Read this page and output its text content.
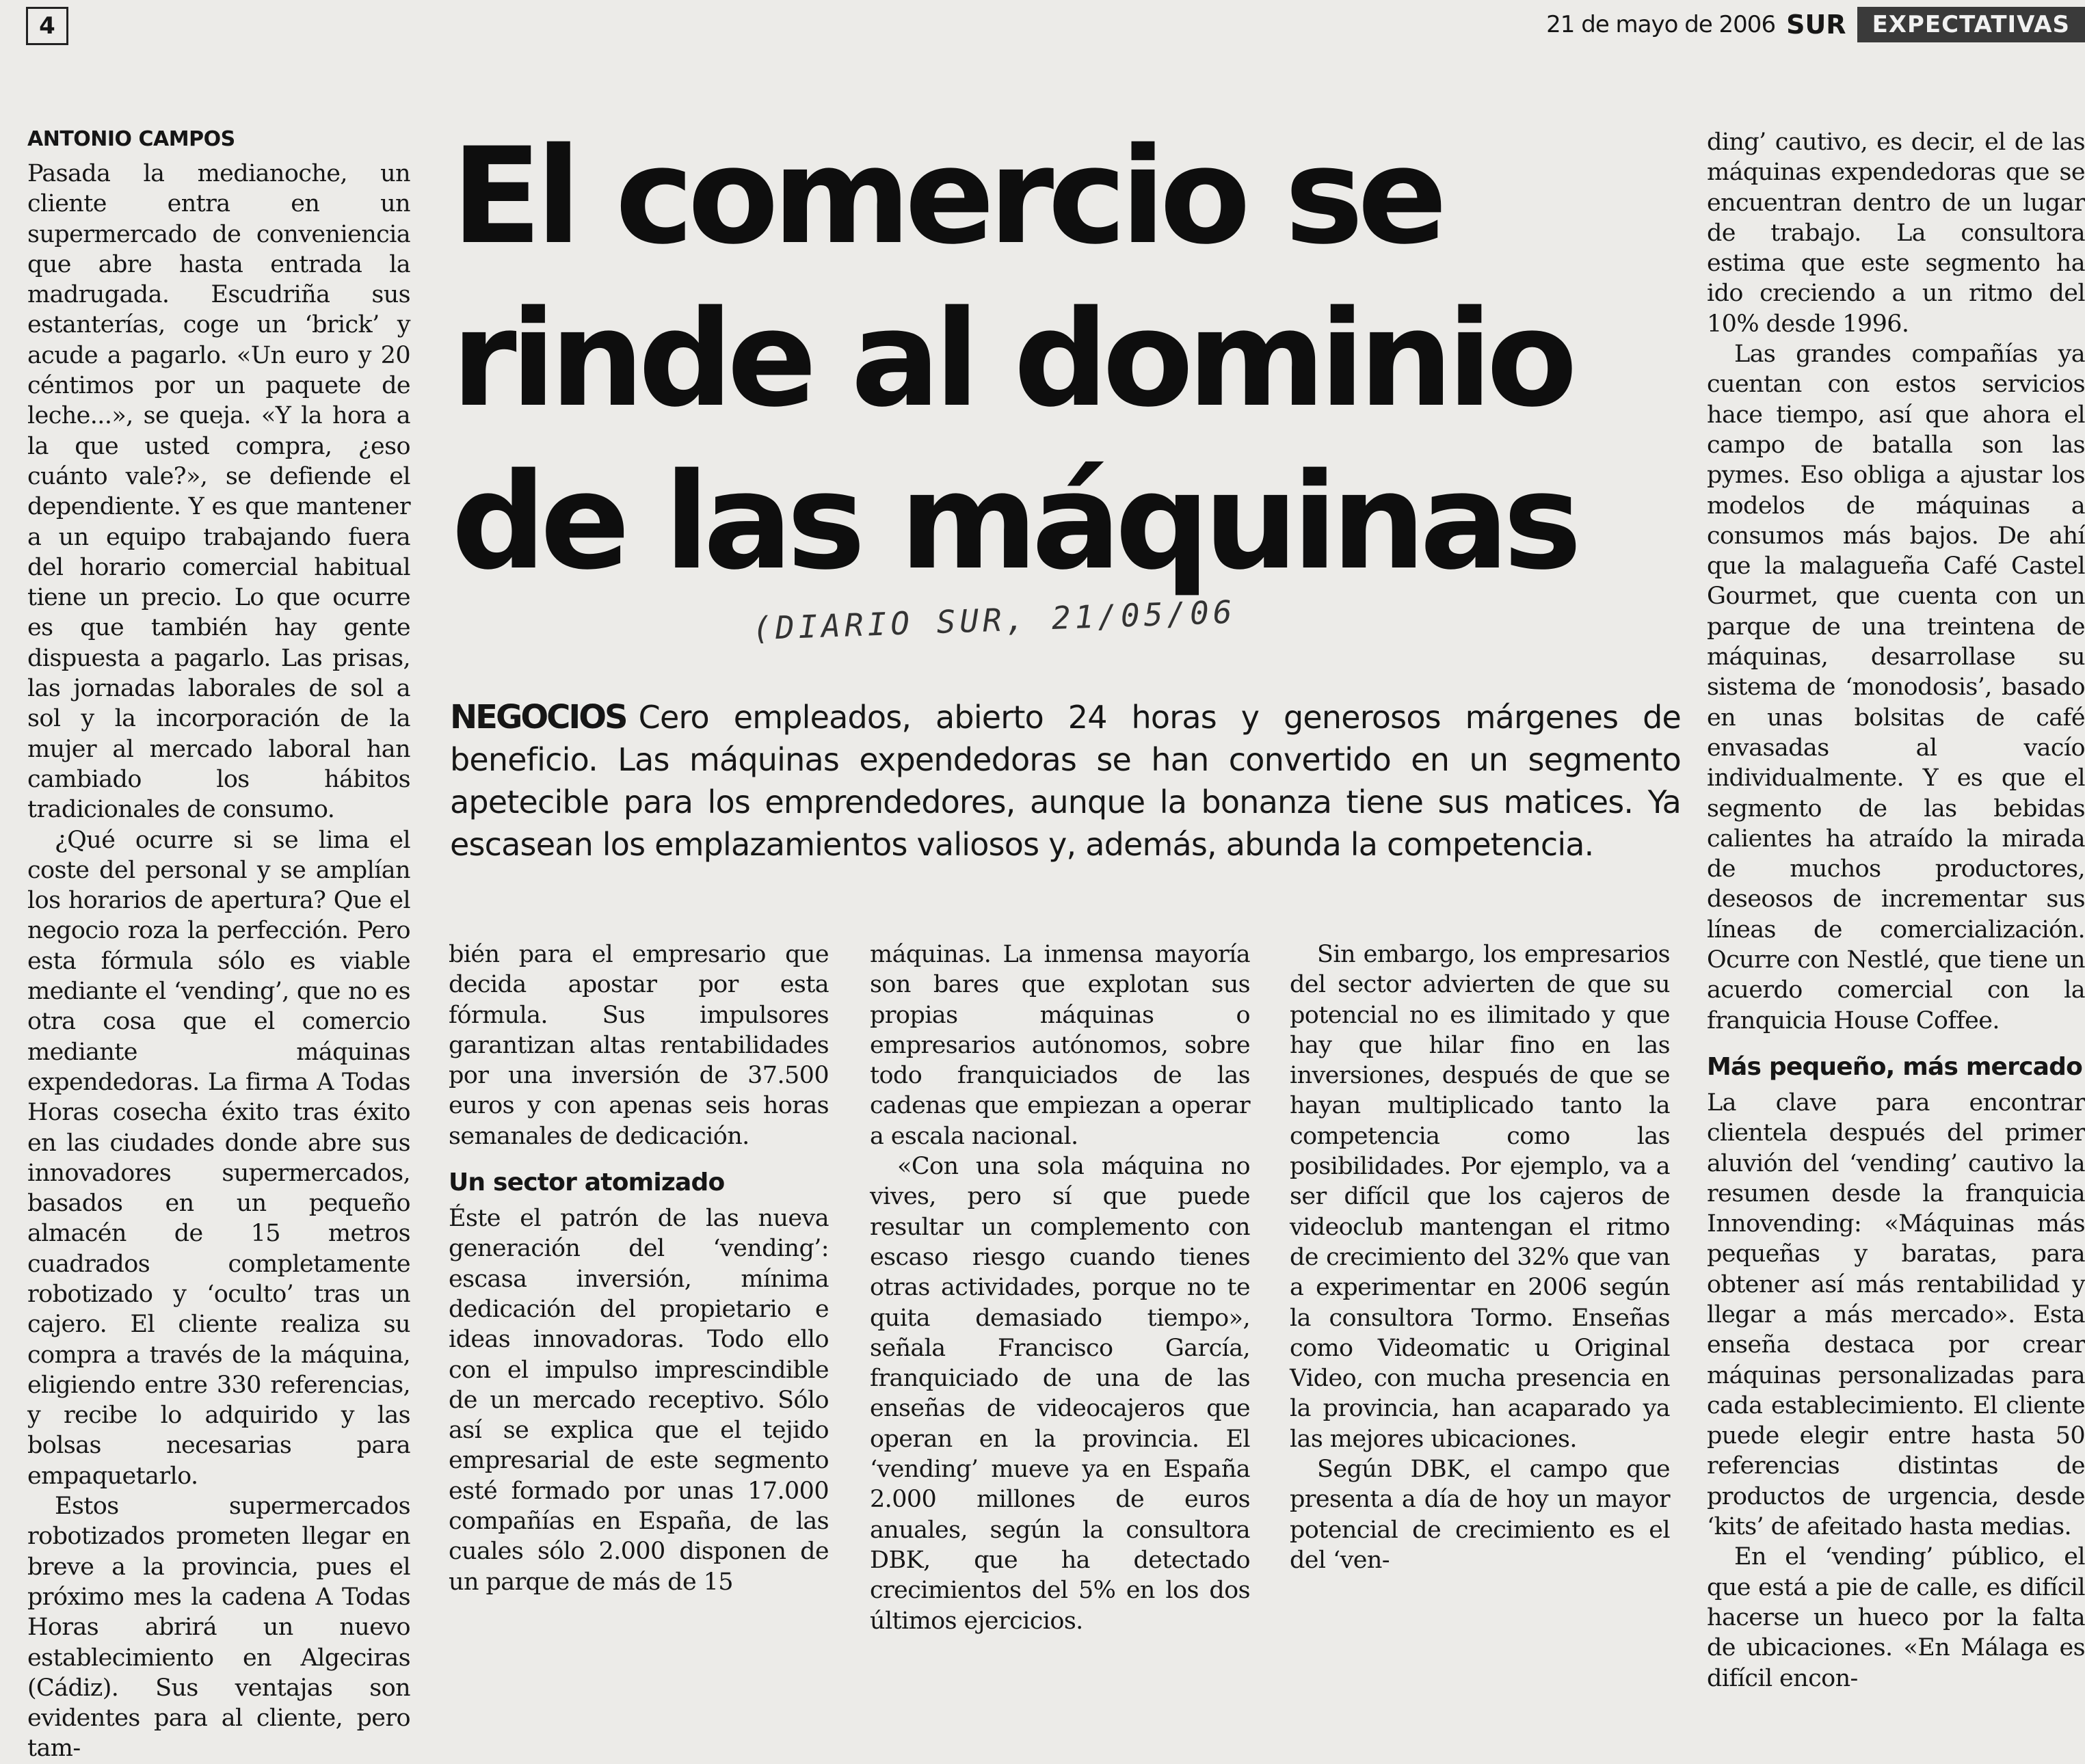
4	21 de mayo de 2006 SUR	EXPECTATIVAS
ANTONIO CAMPOS

Pasada la medianoche, un cliente entra en un supermercado de conveniencia que abre hasta entrada la madrugada. Escudriña sus estanterías, coge un ‘brick’ y acude a pagarlo. «Un euro y 20 céntimos por un paquete de leche...», se queja. «Y la hora a la que usted compra, ¿eso cuánto vale?», se defiende el dependiente. Y es que mantener a un equipo trabajando fuera del horario comercial habitual tiene un precio. Lo que ocurre es que también hay gente dispuesta a pagarlo. Las prisas, las jornadas laborales de sol a sol y la incorporación de la mujer al mercado laboral han cambiado los hábitos tradicionales de consumo.

¿Qué ocurre si se lima el coste del personal y se amplían los horarios de apertura? Que el negocio roza la perfección. Pero esta fórmula sólo es viable mediante el ‘vending’, que no es otra cosa que el comercio mediante máquinas expendedoras. La firma A Todas Horas cosecha éxito tras éxito en las ciudades donde abre sus innovadores supermercados, basados en un pequeño almacén de 15 metros cuadrados completamente robotizado y ‘oculto’ tras un cajero. El cliente realiza su compra a través de la máquina, eligiendo entre 330 referencias, y recibe lo adquirido y las bolsas necesarias para empaquetarlo.

Estos supermercados robotizados prometen llegar en breve a la provincia, pues el próximo mes la cadena A Todas Horas abrirá un nuevo establecimiento en Algeciras (Cádiz). Sus ventajas son evidentes para al cliente, pero tam-

El comercio se
rinde al dominio
de las máquinas
(DIARIO SUR, 21/05/06
NEGOCIOS Cero empleados, abierto 24 horas y generosos márgenes de beneficio. Las máquinas expendedoras se han convertido en un segmento apetecible para los emprendedores, aunque la bonanza tiene sus matices. Ya escasean los emplazamientos valiosos y, además, abunda la competencia.

bién para el empresario que decida apostar por esta fórmula. Sus impulsores garantizan altas rentabilidades por una inversión de 37.500 euros y con apenas seis horas semanales de dedicación.

Un sector atomizado

Éste el patrón de las nueva generación del ‘vending’: escasa inversión, mínima dedicación del propietario e ideas innovadoras. Todo ello con el impulso imprescindible de un mercado receptivo. Sólo así se explica que el tejido empresarial de este segmento esté formado por unas 17.000 compañías en España, de las cuales sólo 2.000 disponen de un parque de más de 15

máquinas. La inmensa mayoría son bares que explotan sus propias máquinas o empresarios autónomos, sobre todo franquiciados de las cadenas que empiezan a operar a escala nacional.

«Con una sola máquina no vives, pero sí que puede resultar un complemento con escaso riesgo cuando tienes otras actividades, porque no te quita demasiado tiempo», señala Francisco García, franquiciado de una de las enseñas de videocajeros que operan en la provincia. El ‘vending’ mueve ya en España 2.000 millones de euros anuales, según la consultora DBK, que ha detectado crecimientos del 5% en los dos últimos ejercicios.

Sin embargo, los empresarios del sector advierten de que su potencial no es ilimitado y que hay que hilar fino en las inversiones, después de que se hayan multiplicado tanto la competencia como las posibilidades. Por ejemplo, va a ser difícil que los cajeros de videoclub mantengan el ritmo de crecimiento del 32% que van a experimentar en 2006 según la consultora Tormo. Enseñas como Videomatic u Original Video, con mucha presencia en la provincia, han acaparado ya las mejores ubicaciones.

Según DBK, el campo que presenta a día de hoy un mayor potencial de crecimiento es el del ‘ven-

ding’ cautivo, es decir, el de las máquinas expendedoras que se encuentran dentro de un lugar de trabajo. La consultora estima que este segmento ha ido creciendo a un ritmo del 10% desde 1996.

Las grandes compañías ya cuentan con estos servicios hace tiempo, así que ahora el campo de batalla son las pymes. Eso obliga a ajustar los modelos de máquinas a consumos más bajos. De ahí que la malagueña Café Castel Gourmet, que cuenta con un parque de una treintena de máquinas, desarrollase su sistema de ‘monodosis’, basado en unas bolsitas de café envasadas al vacío individualmente. Y es que el segmento de las bebidas calientes ha atraído la mirada de muchos productores, deseosos de incrementar sus líneas de comercialización. Ocurre con Nestlé, que tiene un acuerdo comercial con la franquicia House Coffee.

Más pequeño, más mercado

La clave para encontrar clientela después del primer aluvión del ‘vending’ cautivo la resumen desde la franquicia Innovending: «Máquinas más pequeñas y baratas, para obtener así más rentabilidad y llegar a más mercado». Esta enseña destaca por crear máquinas personalizadas para cada establecimiento. El cliente puede elegir entre hasta 50 referencias distintas de productos de urgencia, desde ‘kits’ de afeitado hasta medias.

En el ‘vending’ público, el que está a pie de calle, es difícil hacerse un hueco por la falta de ubicaciones. «En Málaga es difícil encon-
